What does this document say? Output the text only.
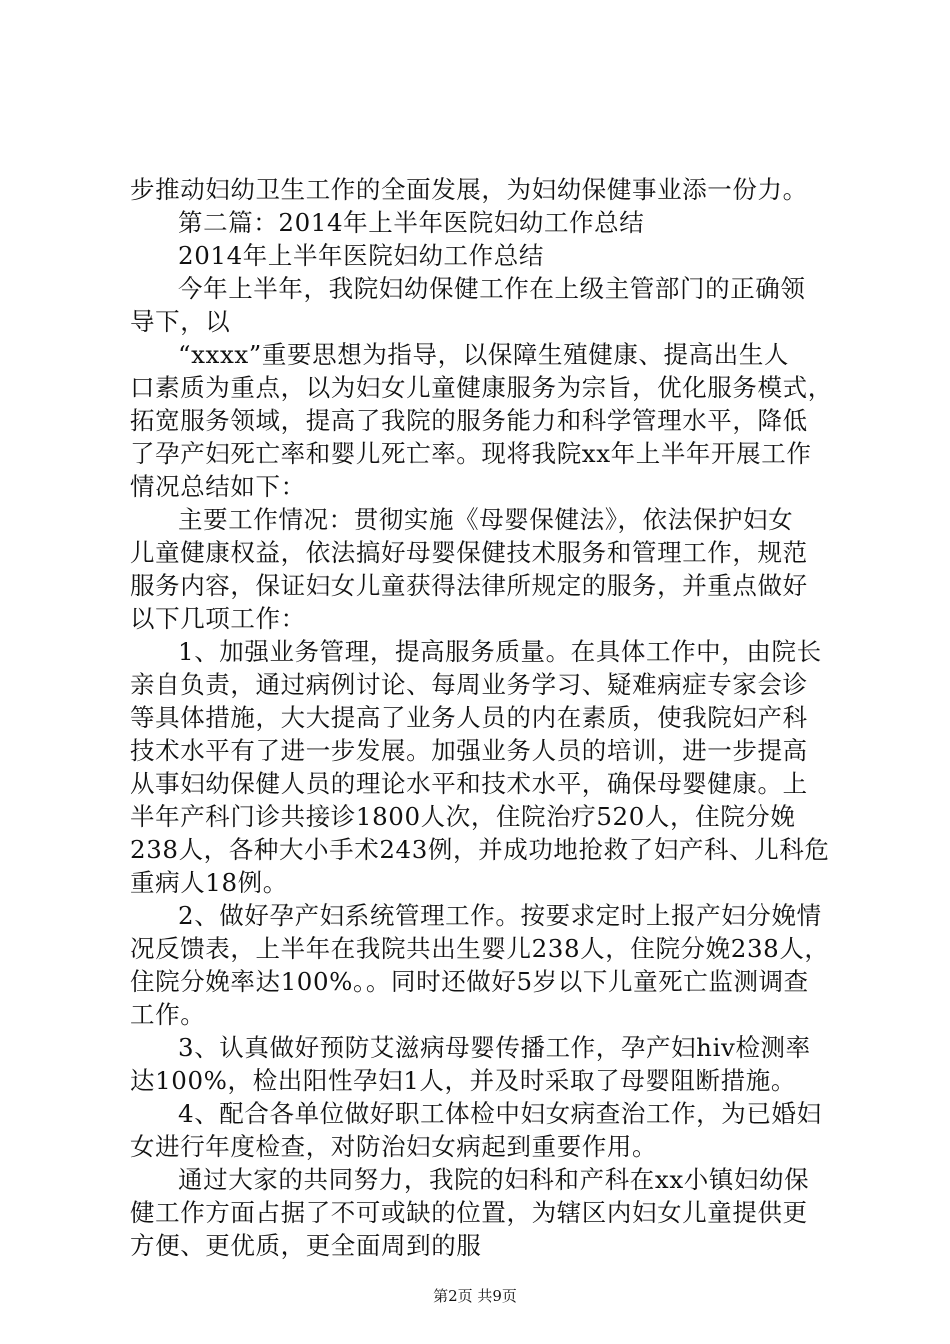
步推动妇幼卫生工作的全面发展，为妇幼保健事业添一份力。
第二篇：2014年上半年医院妇幼工作总结
2014年上半年医院妇幼工作总结
今年上半年，我院妇幼保健工作在上级主管部门的正确领
导下，以
“xxxx”重要思想为指导，以保障生殖健康、提高出生人
口素质为重点，以为妇女儿童健康服务为宗旨，优化服务模式，
拓宽服务领域，提高了我院的服务能力和科学管理水平，降低
了孕产妇死亡率和婴儿死亡率。现将我院xx年上半年开展工作
情况总结如下：
主要工作情况：贯彻实施《母婴保健法》，依法保护妇女
儿童健康权益，依法搞好母婴保健技术服务和管理工作，规范
服务内容，保证妇女儿童获得法律所规定的服务，并重点做好
以下几项工作：
1、加强业务管理，提高服务质量。在具体工作中，由院长
亲自负责，通过病例讨论、每周业务学习、疑难病症专家会诊
等具体措施，大大提高了业务人员的内在素质，使我院妇产科
技术水平有了进一步发展。加强业务人员的培训，进一步提高
从事妇幼保健人员的理论水平和技术水平，确保母婴健康。上
半年产科门诊共接诊1800人次，住院治疗520人，住院分娩
238人，各种大小手术243例，并成功地抢救了妇产科、儿科危
重病人18例。
2、做好孕产妇系统管理工作。按要求定时上报产妇分娩情
况反馈表，上半年在我院共出生婴儿238人，住院分娩238人，
住院分娩率达100%。。同时还做好5岁以下儿童死亡监测调查
工作。
3、认真做好预防艾滋病母婴传播工作，孕产妇hiv检测率
达100%，检出阳性孕妇1人，并及时采取了母婴阻断措施。
4、配合各单位做好职工体检中妇女病查治工作，为已婚妇
女进行年度检查，对防治妇女病起到重要作用。
通过大家的共同努力，我院的妇科和产科在xx小镇妇幼保
健工作方面占据了不可或缺的位置，为辖区内妇女儿童提供更
方便、更优质，更全面周到的服
第2页 共9页
